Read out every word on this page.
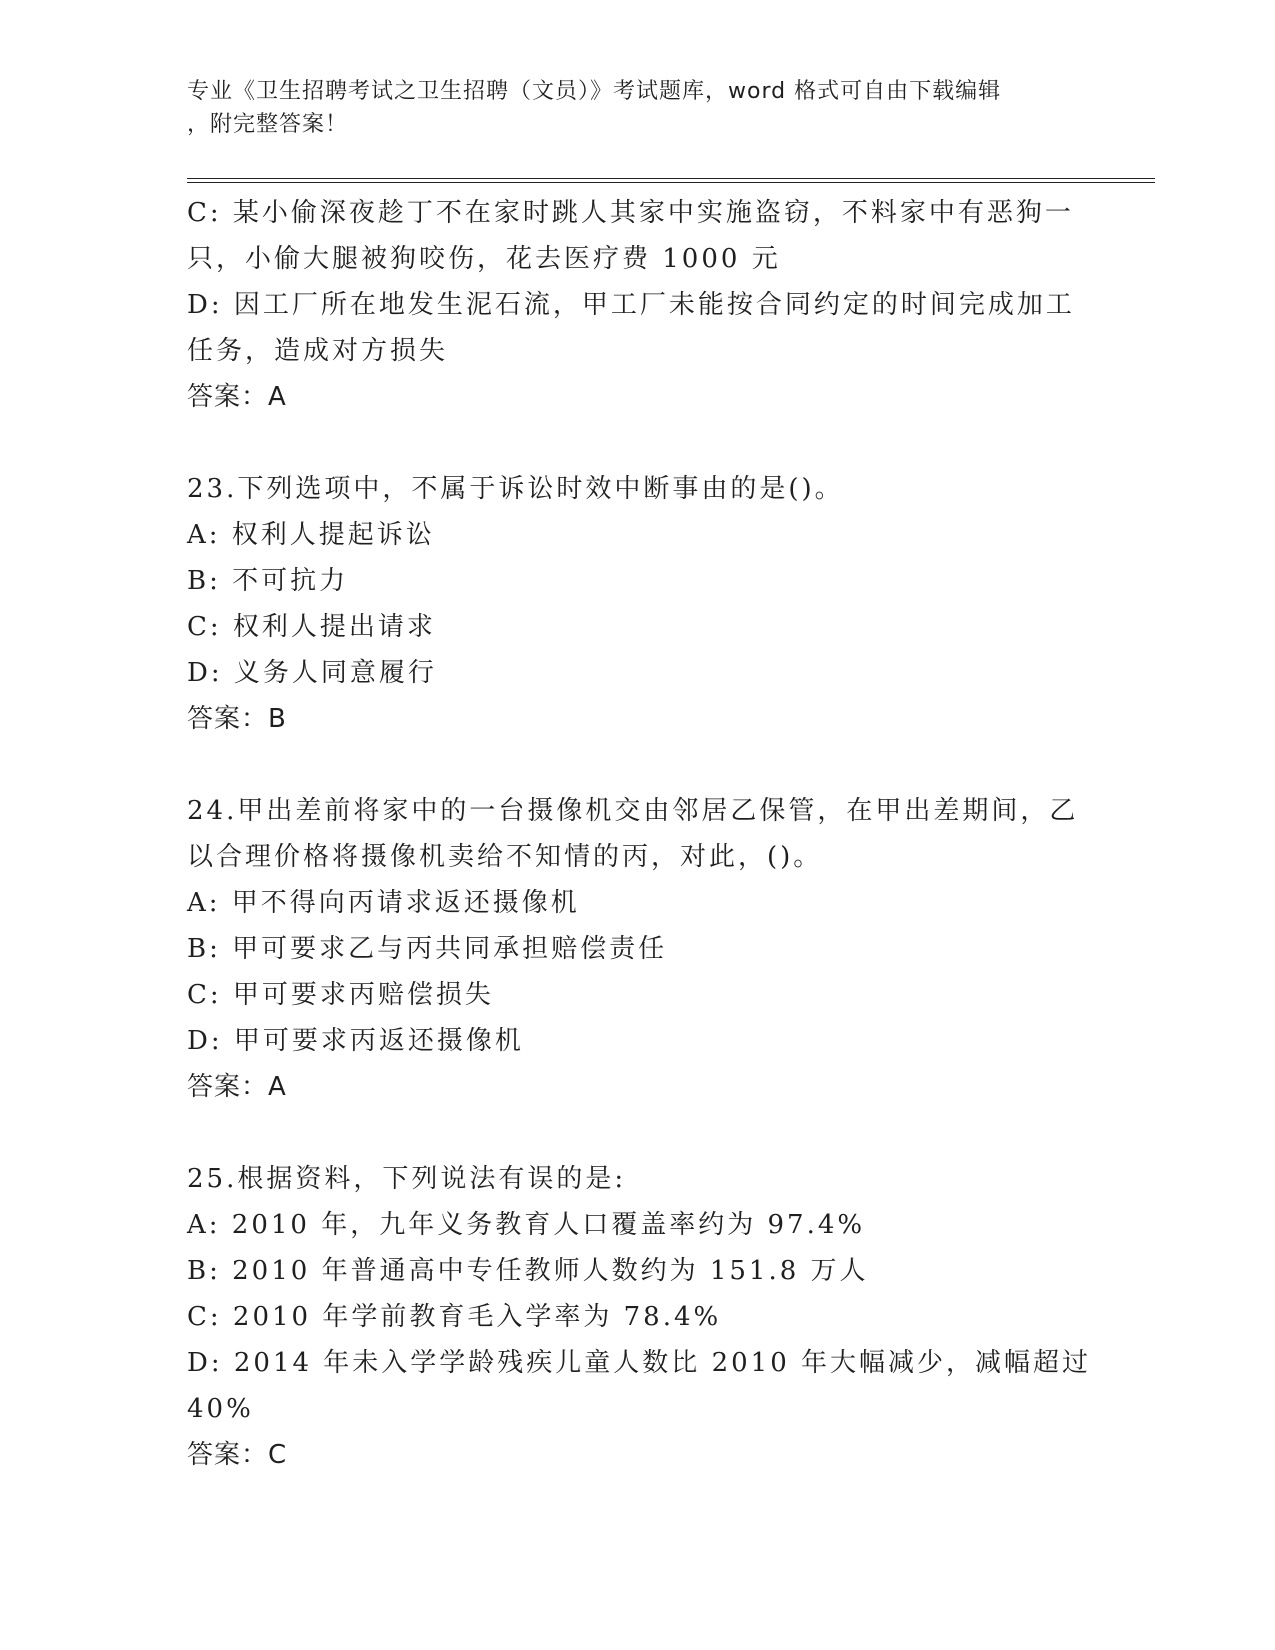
专业《卫生招聘考试之卫生招聘（文员）》考试题库，word 格式可自由下载编辑
，附完整答案！
C: 某小偷深夜趁丁不在家时跳人其家中实施盗窃，不料家中有恶狗一
只，小偷大腿被狗咬伤，花去医疗费 1000 元
D: 因工厂所在地发生泥石流，甲工厂未能按合同约定的时间完成加工
任务，造成对方损失
答案：A
23.下列选项中，不属于诉讼时效中断事由的是()。
A: 权利人提起诉讼
B: 不可抗力
C: 权利人提出请求
D: 义务人同意履行
答案：B
24.甲出差前将家中的一台摄像机交由邻居乙保管，在甲出差期间，乙
以合理价格将摄像机卖给不知情的丙，对此，()。
A: 甲不得向丙请求返还摄像机
B: 甲可要求乙与丙共同承担赔偿责任
C: 甲可要求丙赔偿损失
D: 甲可要求丙返还摄像机
答案：A
25.根据资料，下列说法有误的是:
A: 2010 年，九年义务教育人口覆盖率约为 97.4%
B: 2010 年普通高中专任教师人数约为 151.8 万人
C: 2010 年学前教育毛入学率为 78.4%
D: 2014 年未入学学龄残疾儿童人数比 2010 年大幅减少，减幅超过
40%
答案：C
